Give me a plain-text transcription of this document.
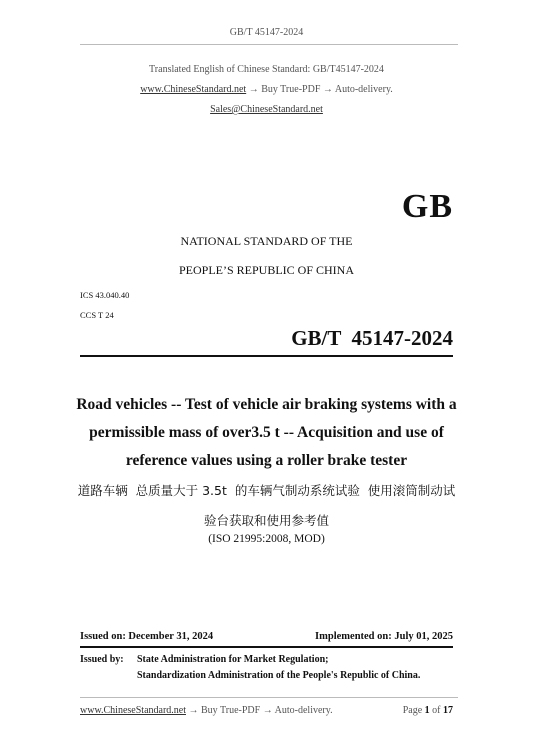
GB/T 45147-2024
Translated English of Chinese Standard: GB/T45147-2024
www.ChineseStandard.net → Buy True-PDF → Auto-delivery.
Sales@ChineseStandard.net
GB
NATIONAL STANDARD OF THE
PEOPLE’S REPUBLIC OF CHINA
ICS 43.040.40
CCS T 24
GB/T  45147-2024
Road vehicles -- Test of vehicle air braking systems with a
permissible mass of over3.5 t -- Acquisition and use of
reference values using a roller brake tester
道路车辆  总质量大于 3.5t  的车辆气制动系统试验  使用滚筒制动试
验台获取和使用参考值
(ISO 21995:2008, MOD)
Issued on: December 31, 2024	Implemented on: July 01, 2025
Issued by: State Administration for Market Regulation;
Standardization Administration of the People's Republic of China.
www.ChineseStandard.net → Buy True-PDF → Auto-delivery.	Page 1 of 17
